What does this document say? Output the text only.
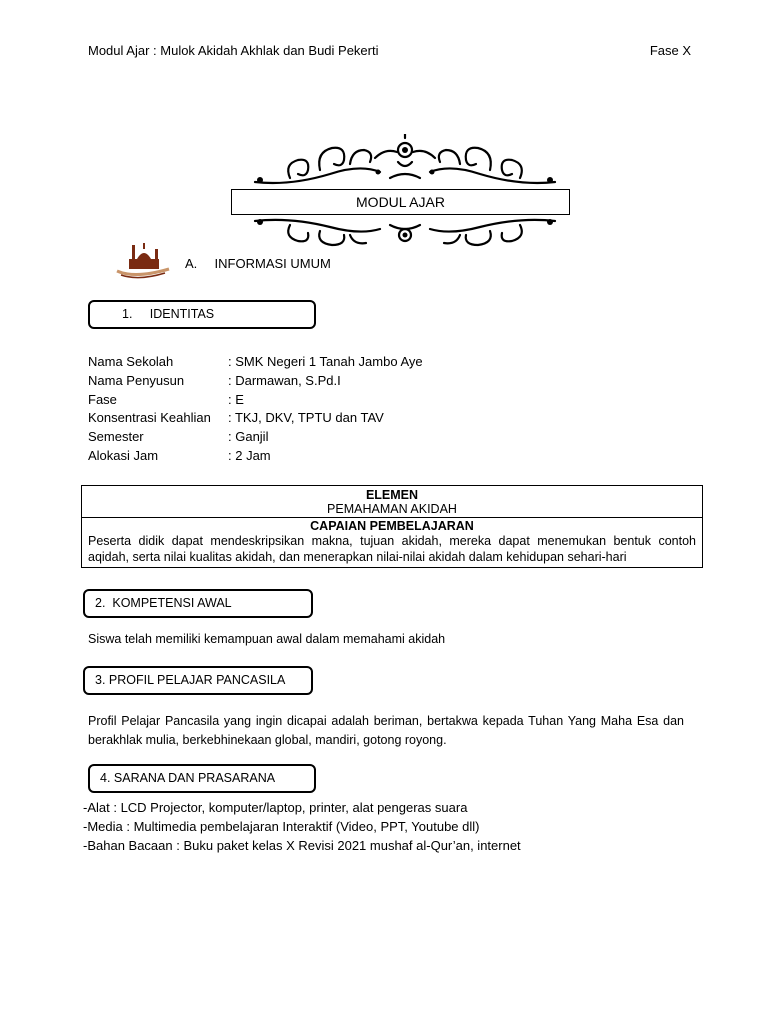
Modul Ajar : Mulok Akidah Akhlak dan Budi Pekerti	Fase X
MODUL AJAR
A. INFORMASI UMUM
1.     IDENTITAS
Nama Sekolah	: SMK Negeri 1 Tanah Jambo Aye
Nama Penyusun	: Darmawan, S.Pd.I
Fase	: E
Konsentrasi Keahlian : TKJ, DKV, TPTU dan TAV
Semester	: Ganjil
Alokasi Jam	: 2 Jam
ELEMEN
PEMAHAMAN AKIDAH
CAPAIAN PEMBELAJARAN
Peserta didik dapat mendeskripsikan makna, tujuan akidah, mereka dapat menemukan bentuk contoh aqidah, serta nilai kualitas akidah, dan menerapkan nilai-nilai akidah dalam kehidupan sehari-hari
2.  KOMPETENSI AWAL
Siswa telah memiliki kemampuan awal dalam memahami akidah
3. PROFIL PELAJAR PANCASILA
Profil Pelajar Pancasila yang ingin dicapai adalah beriman, bertakwa kepada Tuhan Yang Maha Esa dan berakhlak mulia, berkebhinekaan global, mandiri, gotong royong.
4. SARANA DAN PRASARANA
-Alat : LCD Projector, komputer/laptop, printer, alat pengeras suara
-Media : Multimedia pembelajaran Interaktif (Video, PPT, Youtube dll)
-Bahan Bacaan : Buku paket kelas X Revisi 2021 mushaf al-Qur’an, internet
